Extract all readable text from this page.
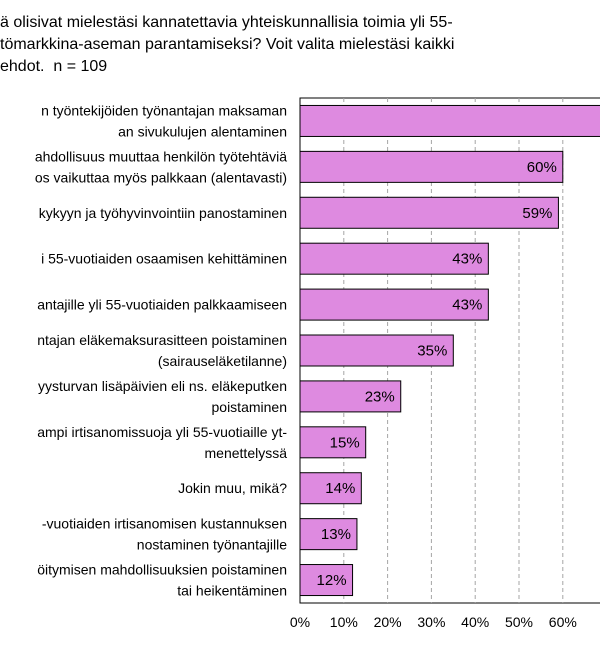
ä olisivat mielestäsi kannatettavia yhteiskunnallisia toimia yli 55-
tömarkkina-aseman parantamiseksi? Voit valita mielestäsi kaikki
ehdot.  n = 109
n työntekijöiden työnantajan maksaman
an sivukulujen alentaminen
60%
ahdollisuus muuttaa henkilön työtehtäviä
os vaikuttaa myös palkkaan (alentavasti)
59%
kykyyn ja työhyvinvointiin panostaminen
43%
i 55-vuotiaiden osaamisen kehittäminen
43%
antajille yli 55-vuotiaiden palkkaamiseen
35%
ntajan eläkemaksurasitteen poistaminen
(sairauseläketilanne)
23%
yysturvan lisäpäivien eli ns. eläkeputken
poistaminen
15%
ampi irtisanomissuoja yli 55-vuotiaille yt-
menettelyssä
14%
Jokin muu, mikä?
13%
-vuotiaiden irtisanomisen kustannuksen
nostaminen työnantajille
12%
öitymisen mahdollisuuksien poistaminen
tai heikentäminen
0% 10% 20% 30% 40% 50% 60%
